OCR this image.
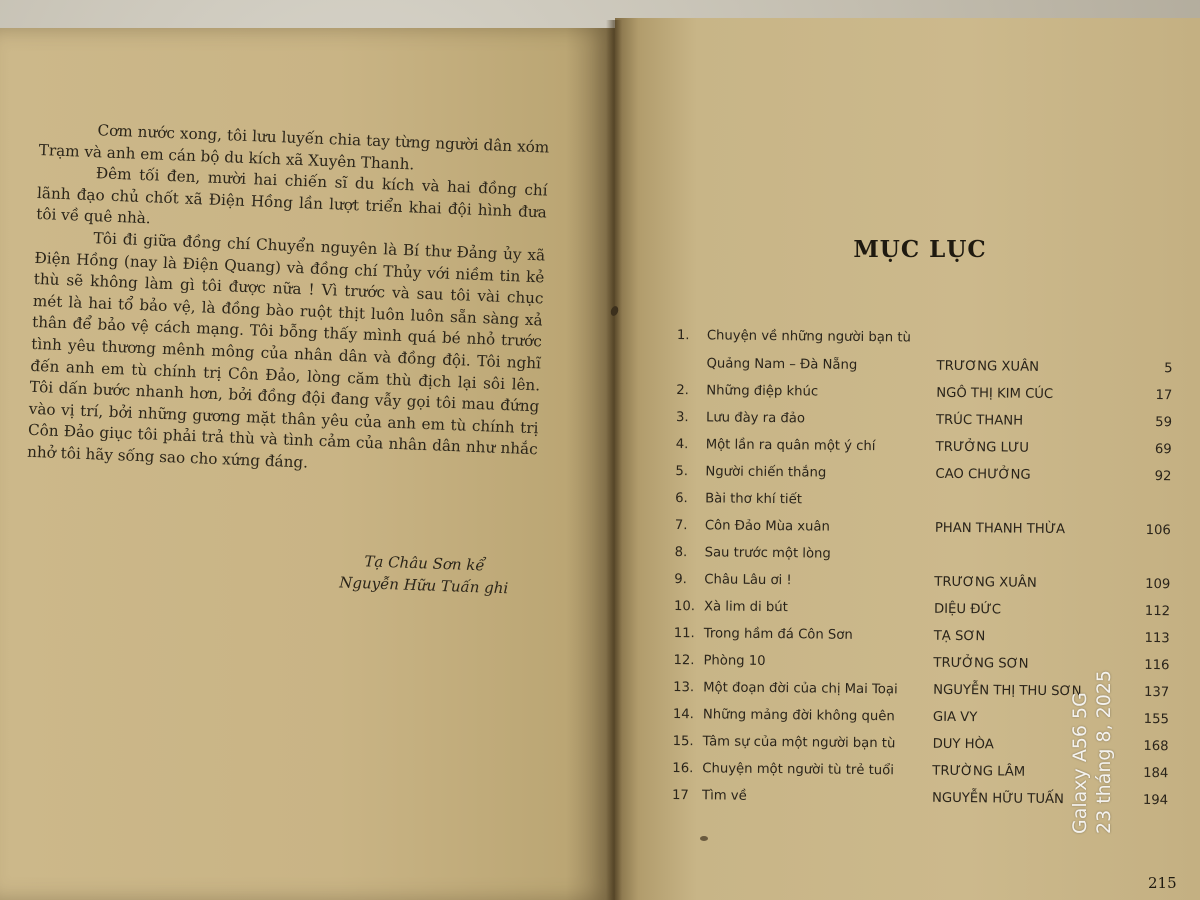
Cơm nước xong, tôi lưu luyến chia tay từng người dân xóm Trạm và anh em cán bộ du kích xã Xuyên Thanh.

Đêm tối đen, mười hai chiến sĩ du kích và hai đồng chí lãnh đạo chủ chốt xã Điện Hồng lần lượt triển khai đội hình đưa tôi về quê nhà.

Tôi đi giữa đồng chí Chuyển nguyên là Bí thư Đảng ủy xã Điện Hồng (nay là Điện Quang) và đồng chí Thủy với niềm tin kẻ thù sẽ không làm gì tôi được nữa ! Vì trước và sau tôi vài chục mét là hai tổ bảo vệ, là đồng bào ruột thịt luôn luôn sẵn sàng xả thân để bảo vệ cách mạng. Tôi bỗng thấy mình quá bé nhỏ trước tình yêu thương mênh mông của nhân dân và đồng đội. Tôi nghĩ đến anh em tù chính trị Côn Đảo, lòng căm thù địch lại sôi lên. Tôi dấn bước nhanh hơn, bởi đồng đội đang vẫy gọi tôi mau đứng vào vị trí, bởi những gương mặt thân yêu của anh em tù chính trị Côn Đảo giục tôi phải trả thù và tình cảm của nhân dân như nhắc nhở tôi hãy sống sao cho xứng đáng.

Tạ Châu Sơn kể
Nguyễn Hữu Tuấn ghi
MỤC LỤC
1.	Chuyện về những người bạn tù
Quảng Nam – Đà Nẵng	TRƯƠNG XUÂN	5
2.	Những điệp khúc	NGÔ THỊ KIM CÚC	17
3.	Lưu đày ra đảo	TRÚC THANH	59
4.	Một lần ra quân một ý chí	TRƯỞNG LƯU	69
5.	Người chiến thắng	CAO CHƯỞNG	92
6.	Bài thơ khí tiết
7.	Côn Đảo Mùa xuân	PHAN THANH THỪA	106
8.	Sau trước một lòng
9.	Châu Lâu ơi !	TRƯƠNG XUÂN	109
10. Xà lim di bút	DIỆU ĐỨC	112
11. Trong hầm đá Côn Sơn	TẠ SƠN	113
12. Phòng 10	TRƯỞNG SƠN	116
13. Một đoạn đời của chị Mai Toại	NGUYỄN THỊ THU SƠN	137
14. Những mảng đời không quên	GIA VY	155
15. Tâm sự của một người bạn tù	DUY HÒA	168
16. Chuyện một người tù trẻ tuổi	TRƯỜNG LÂM	184
17 Tìm về	NGUYỄN HỮU TUẤN	194
215
Galaxy A56 5G 23 tháng 8, 2025
